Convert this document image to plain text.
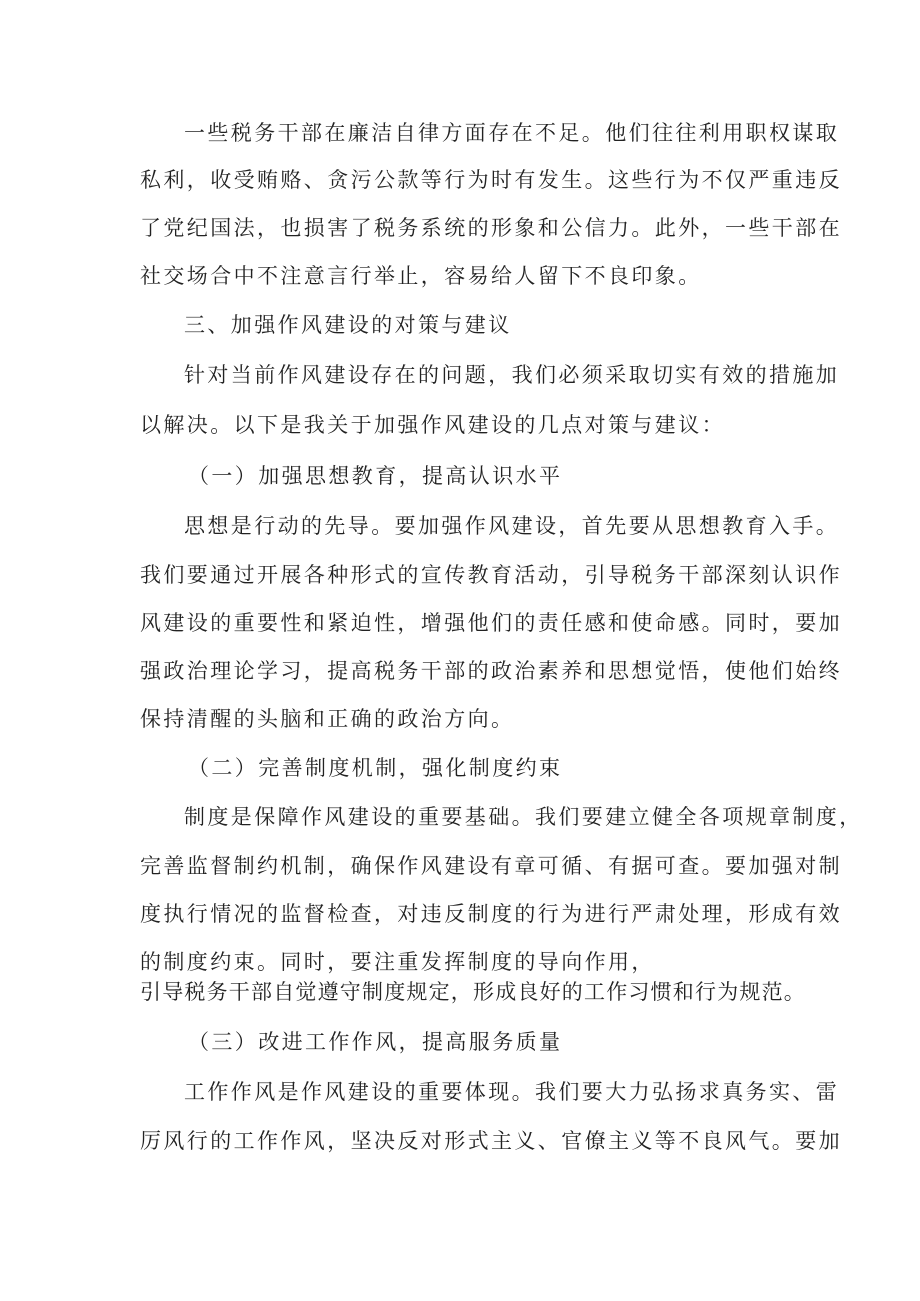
一些税务干部在廉洁自律方面存在不足。他们往往利用职权谋取
私利，收受贿赂、贪污公款等行为时有发生。这些行为不仅严重违反
了党纪国法，也损害了税务系统的形象和公信力。此外，一些干部在
社交场合中不注意言行举止，容易给人留下不良印象。
三、加强作风建设的对策与建议
针对当前作风建设存在的问题，我们必须采取切实有效的措施加
以解决。以下是我关于加强作风建设的几点对策与建议：
（一）加强思想教育，提高认识水平
思想是行动的先导。要加强作风建设，首先要从思想教育入手。
我们要通过开展各种形式的宣传教育活动，引导税务干部深刻认识作
风建设的重要性和紧迫性，增强他们的责任感和使命感。同时，要加
强政治理论学习，提高税务干部的政治素养和思想觉悟，使他们始终
保持清醒的头脑和正确的政治方向。
（二）完善制度机制，强化制度约束
制度是保障作风建设的重要基础。我们要建立健全各项规章制度，
完善监督制约机制，确保作风建设有章可循、有据可查。要加强对制
度执行情况的监督检查，对违反制度的行为进行严肃处理，形成有效
的制度约束。同时，要注重发挥制度的导向作用，
引导税务干部自觉遵守制度规定，形成良好的工作习惯和行为规范。
（三）改进工作作风，提高服务质量
工作作风是作风建设的重要体现。我们要大力弘扬求真务实、雷
厉风行的工作作风，坚决反对形式主义、官僚主义等不良风气。要加
